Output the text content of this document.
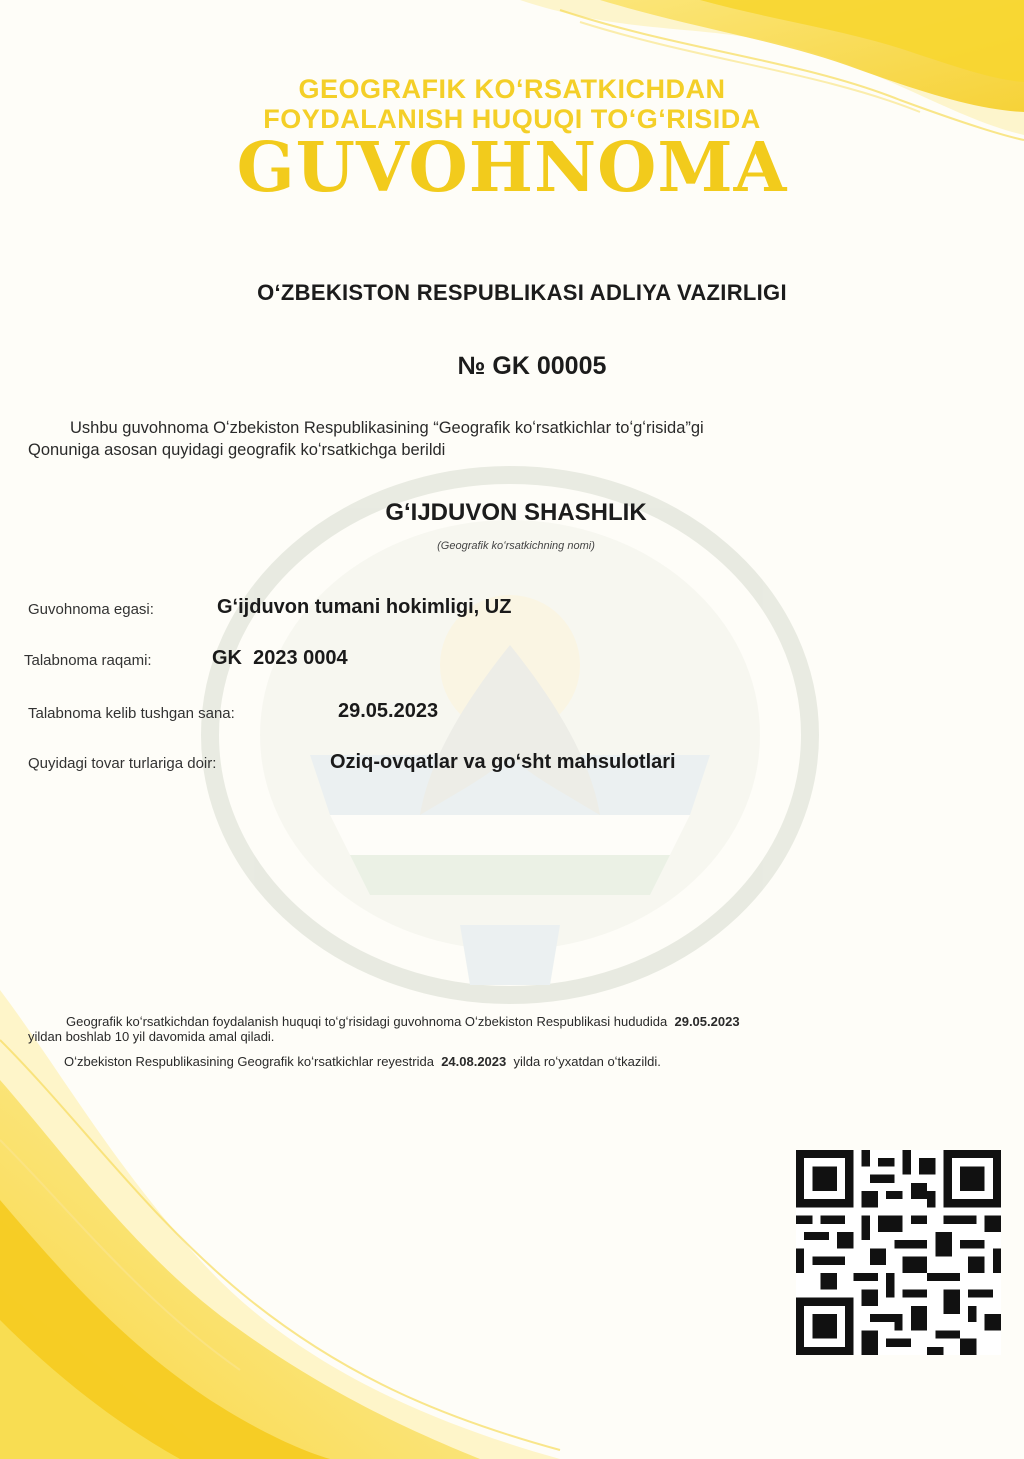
GEOGRAFIK KOʻRSATKICHDAN
FOYDALANISH HUQUQI TOʻGʻRISIDA
GUVOHNOMA
OʻZBEKISTON RESPUBLIKASI ADLIYA VAZIRLIGI
№ GK 00005
Ushbu guvohnoma Oʻzbekiston Respublikasining “Geografik koʻrsatkichlar toʻgʻrisida”gi
Qonuniga asosan quyidagi geografik koʻrsatkichga berildi
GʻIJDUVON SHASHLIK
(Geografik koʻrsatkichning nomi)
Guvohnoma egasi:	Gʻijduvon tumani hokimligi, UZ
Talabnoma raqami:	GK  2023 0004
Talabnoma kelib tushgan sana:	29.05.2023
Quyidagi tovar turlariga doir:	Oziq-ovqatlar va goʻsht mahsulotlari
Geografik koʻrsatkichdan foydalanish huquqi toʻgʻrisidagi guvohnoma Oʻzbekiston Respublikasi hududida 29.05.2023
yildan boshlab 10 yil davomida amal qiladi.
Oʻzbekiston Respublikasining Geografik koʻrsatkichlar reyestrida 24.08.2023 yilda roʻyxatdan oʻtkazildi.
